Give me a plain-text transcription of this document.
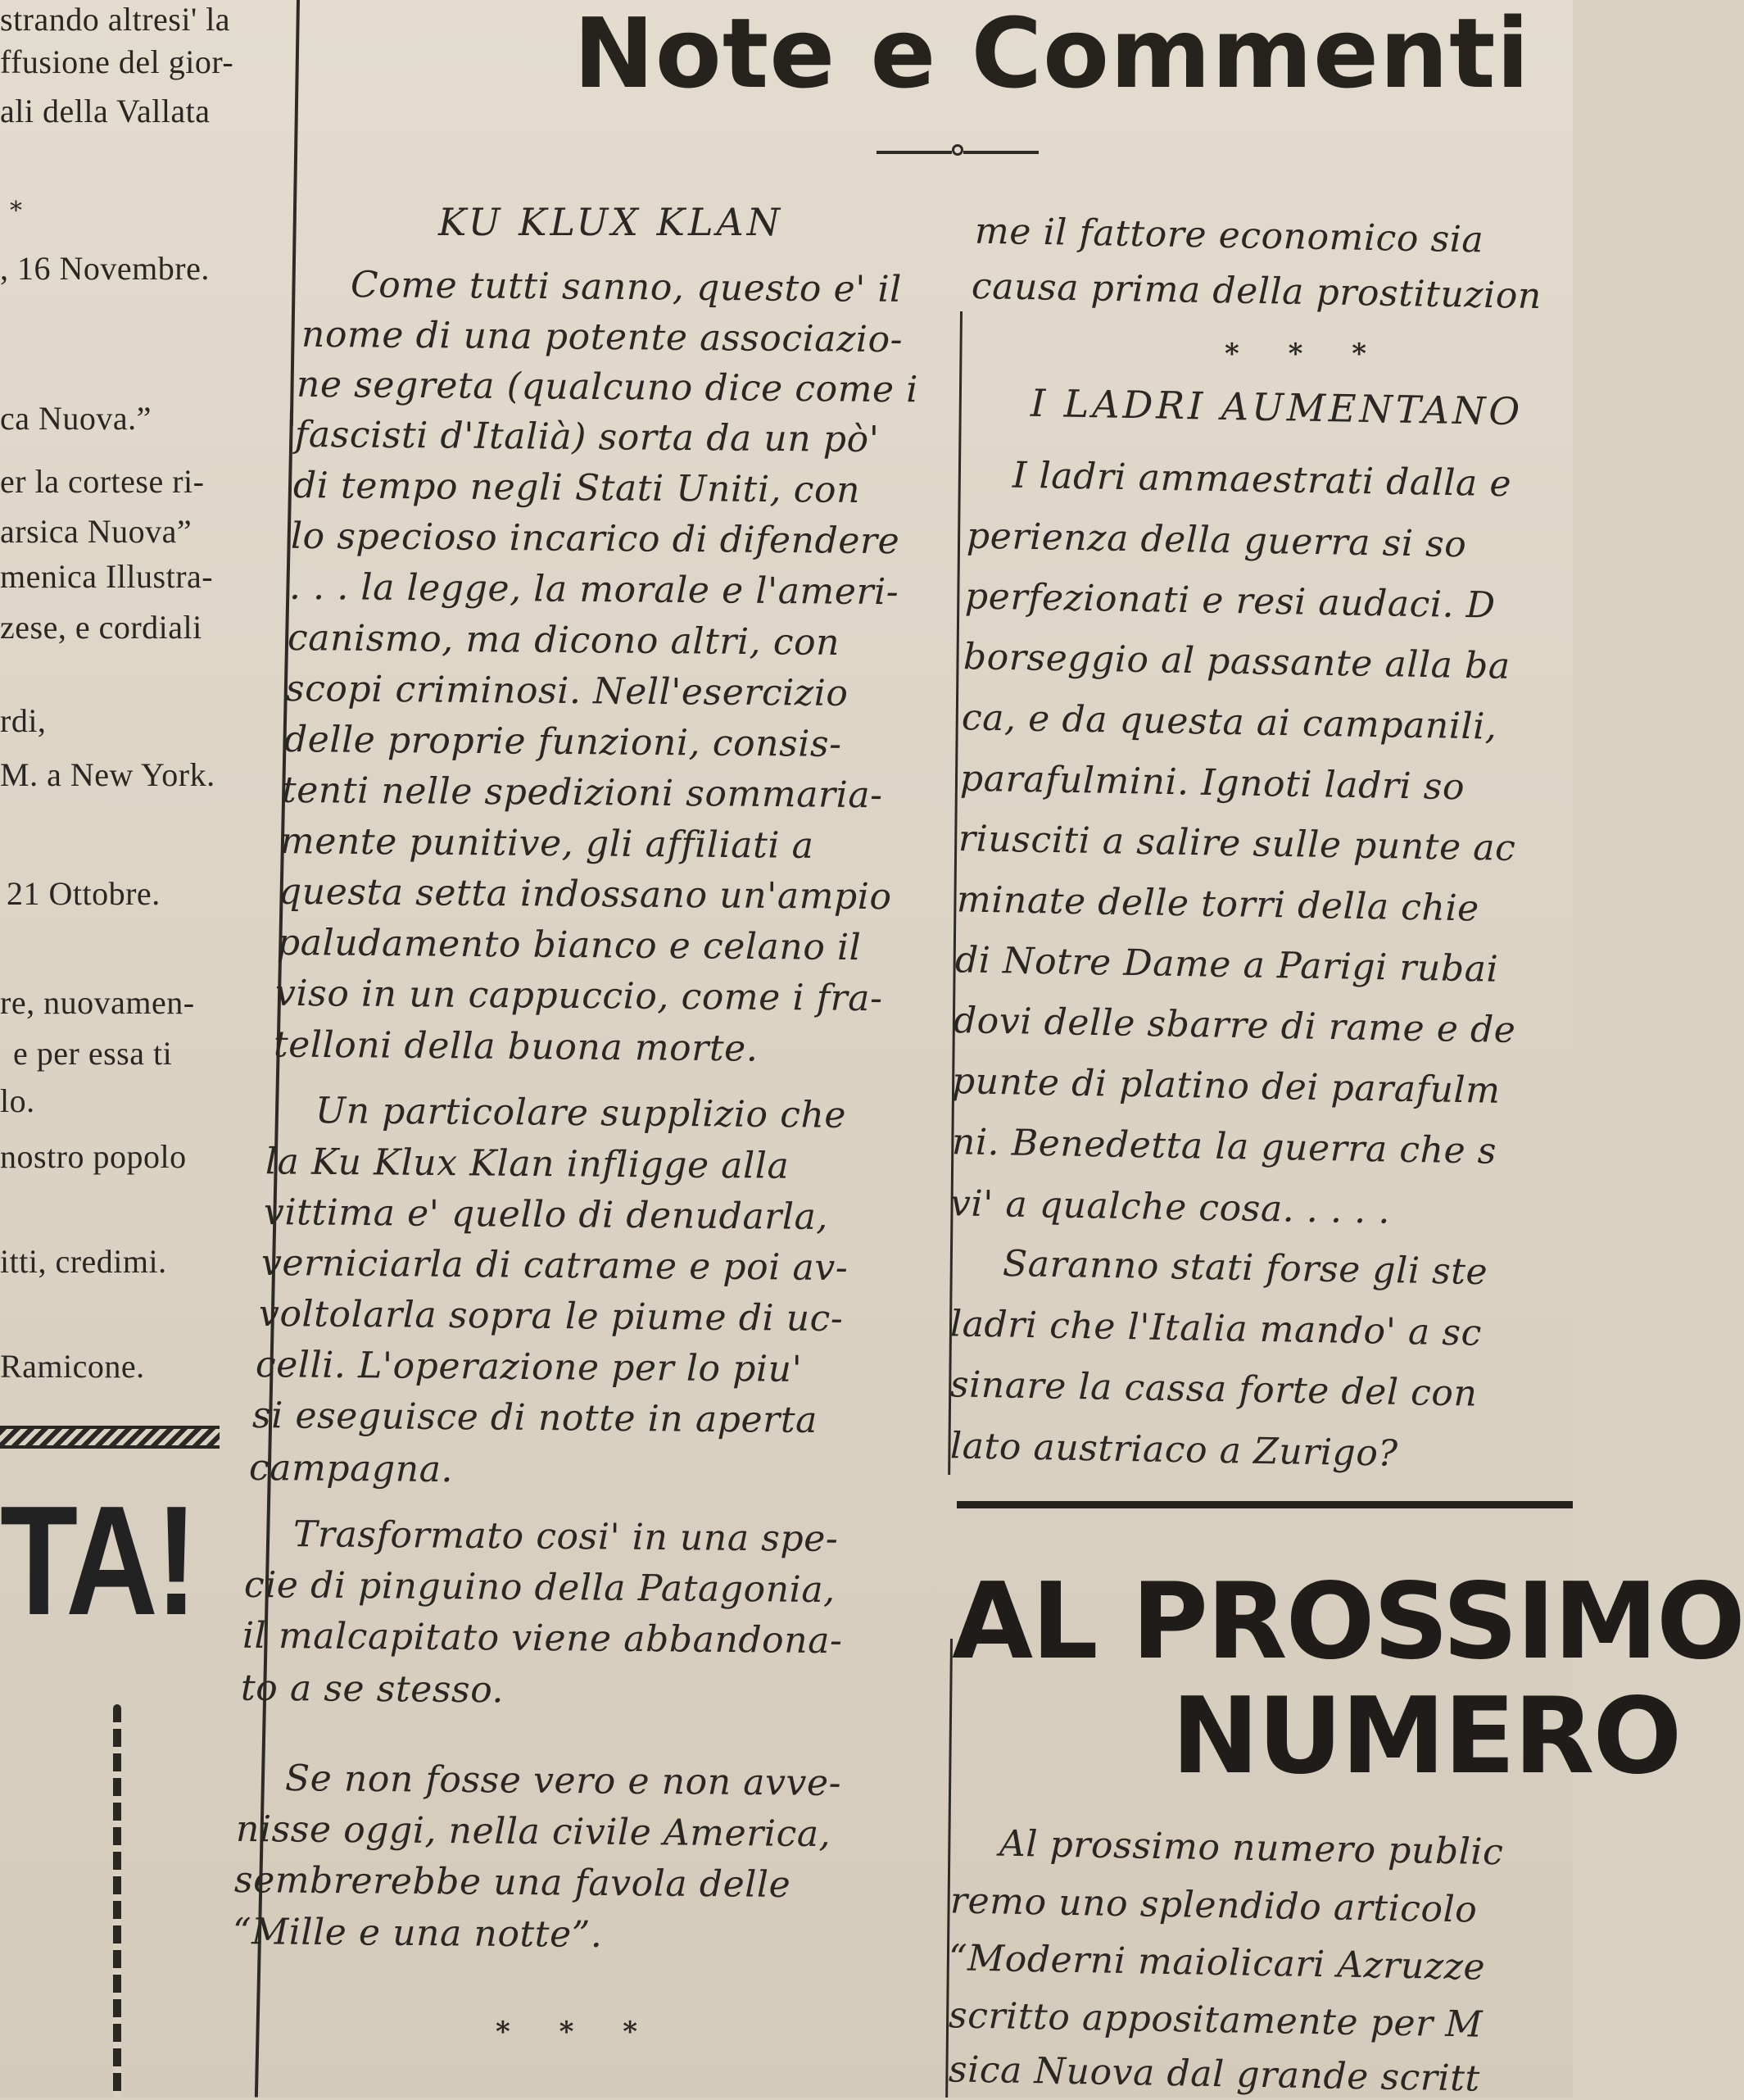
strando altresi' la
ffusione del gior-
ali della Vallata
*
, 16 Novembre.
ca Nuova.”
er la cortese ri-
arsica Nuova”
menica Illustra-
zese, e cordiali
rdi,
M. a New York.
21 Ottobre.
re, nuovamen-
e per essa ti
lo.
nostro popolo
itti, credimi.
Ramicone.
TA!
Note e Commenti
KU KLUX KLAN
Come tutti sanno, questo e' il
nome di una potente associazio-
ne segreta (qualcuno dice come i
fascisti d'Italià) sorta da un pò'
di tempo negli Stati Uniti, con
lo specioso incarico di difendere
. . . la legge, la morale e l'ameri-
canismo, ma dicono altri, con
scopi criminosi. Nell'esercizio
delle proprie funzioni, consis-
tenti nelle spedizioni sommaria-
mente punitive, gli affiliati a
questa setta indossano un'ampio
paludamento bianco e celano il
viso in un cappuccio, come i fra-
telloni della buona morte.
Un particolare supplizio che
la Ku Klux Klan infligge alla
vittima e' quello di denudarla,
verniciarla di catrame e poi av-
voltolarla sopra le piume di uc-
celli. L'operazione per lo piu'
si eseguisce di notte in aperta
campagna.
Trasformato cosi' in una spe-
cie di pinguino della Patagonia,
il malcapitato viene abbandona-
to a se stesso.
Se non fosse vero e non avve-
nisse oggi, nella civile America,
sembrerebbe una favola delle
“Mille e una notte”.
* * *
me il fattore economico sia
causa prima della prostituzion
* * *
I LADRI AUMENTANO
I ladri ammaestrati dalla e
perienza della guerra si so
perfezionati e resi audaci. D
borseggio al passante alla ba
ca, e da questa ai campanili,
parafulmini. Ignoti ladri so
riusciti a salire sulle punte ac
minate delle torri della chie
di Notre Dame a Parigi rubai
dovi delle sbarre di rame e de
punte di platino dei parafulm
ni. Benedetta la guerra che s
vi' a qualche cosa. . . . .
Saranno stati forse gli ste
ladri che l'Italia mando' a sc
sinare la cassa forte del con
lato austriaco a Zurigo?
AL PROSSIMO
NUMERO
Al prossimo numero public
remo uno splendido articolo
“Moderni maiolicari Azruzze
scritto appositamente per M
sica Nuova dal grande scritt
